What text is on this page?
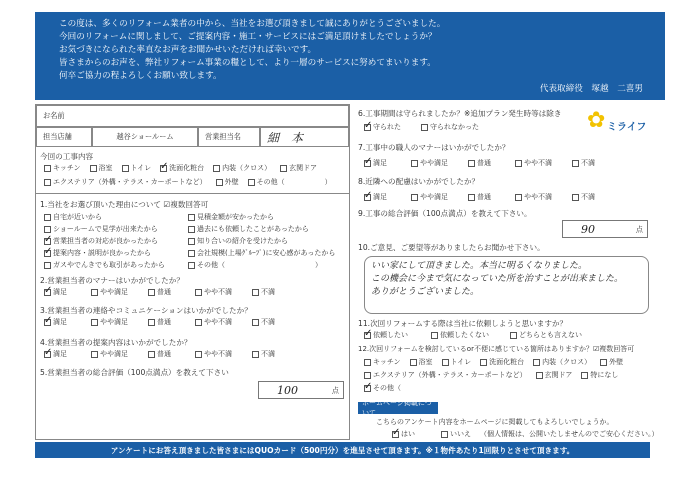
この度は、多くのリフォーム業者の中から、当社をお選び頂きまして誠にありがとうございました。
今回のリフォームに関しまして、ご提案内容・施工・サービスにはご満足頂けましたでしょうか？
お気づきになられた率直なお声をお聞かせいただければ幸いです。
皆さまからのお声を、弊社リフォーム事業の糧として、より一層のサービスに努めてまいります。
何卒ご協力の程よろしくお願い致します。
代表取締役　塚越　二喜男
お名前
担当店舗	越谷ショールーム	営業担当名 細　本
今回の工事内容
キッチン	浴室	トイレ
✓	洗面化粧台	内装（クロス）	玄関ドア
エクステリア（外構・テラス・カーポートなど）	外壁	その他（	）
1.当社をお選び頂いた理由について ☑複数回答可
自宅が近いから	見積金額が安かったから
ショールームで見学が出来たから	過去にも依頼したことがあったから
✓
営業担当者の対応が良かったから	知り合いの紹介を受けたから
✓
提案内容・説明が良かったから	会社規模(上場ｸﾞﾙｰﾌﾟ)に安心感があったから
ガスやでんきでも取引があったから	その他（	）
2.営業担当者のマナーはいかがでしたか？
✓
満足	やや満足	普通	やや不満	不満
3.営業担当者の連絡やコミュニケーションはいかがでしたか？
✓
満足	やや満足	普通	やや不満	不満
4.営業担当者の提案内容はいかがでしたか？
✓
満足	やや満足	普通	やや不満	不満
5.営業担当者の総合評価（100点満点）を教えて下さい
100	点
6.工事期間は守られましたか？※追加プラン発生時等は除き
✓
守られた	守られなかった
7.工事中の職人のマナーはいかがでしたか？
✓
満足	やや満足	普通	やや不満	不満
8.近隣への配慮はいかがでしたか？
✓
満足	やや満足	普通	やや不満	不満
9.工事の総合評価（100点満点）を教えて下さい。
90	点
10.ご意見、ご要望等がありましたらお聞かせ下さい。
いい家にして頂きました。本当に明るくなりました。
この機会に今まで気になっていた所を治すことが出来ました。
ありがとうございました。
11.次回リフォームする際は当社に依頼しようと思いますか？
✓
依頼したい	依頼したくない	どちらとも言えない
12.次回リフォームを検討しているor不便に感じている箇所はありますか？☑複数回答可
キッチン	浴室	トイレ	洗面化粧台	内装（クロス）	外壁
エクステリア（外構・テラス・カーポートなど）	玄関ドア	特になし
✓
その他（
ホームページ掲載について
こちらのアンケート内容をホームページに掲載してもよろしいでしょうか。
✓
はい	いいえ （個人情報は、公開いたしませんのでご安心ください。）
✿ ミライフ
アンケートにお答え頂きました皆さまにはQUOカード（500円分）を進呈させて頂きます。※１物件あたり1回限りとさせて頂きます。
